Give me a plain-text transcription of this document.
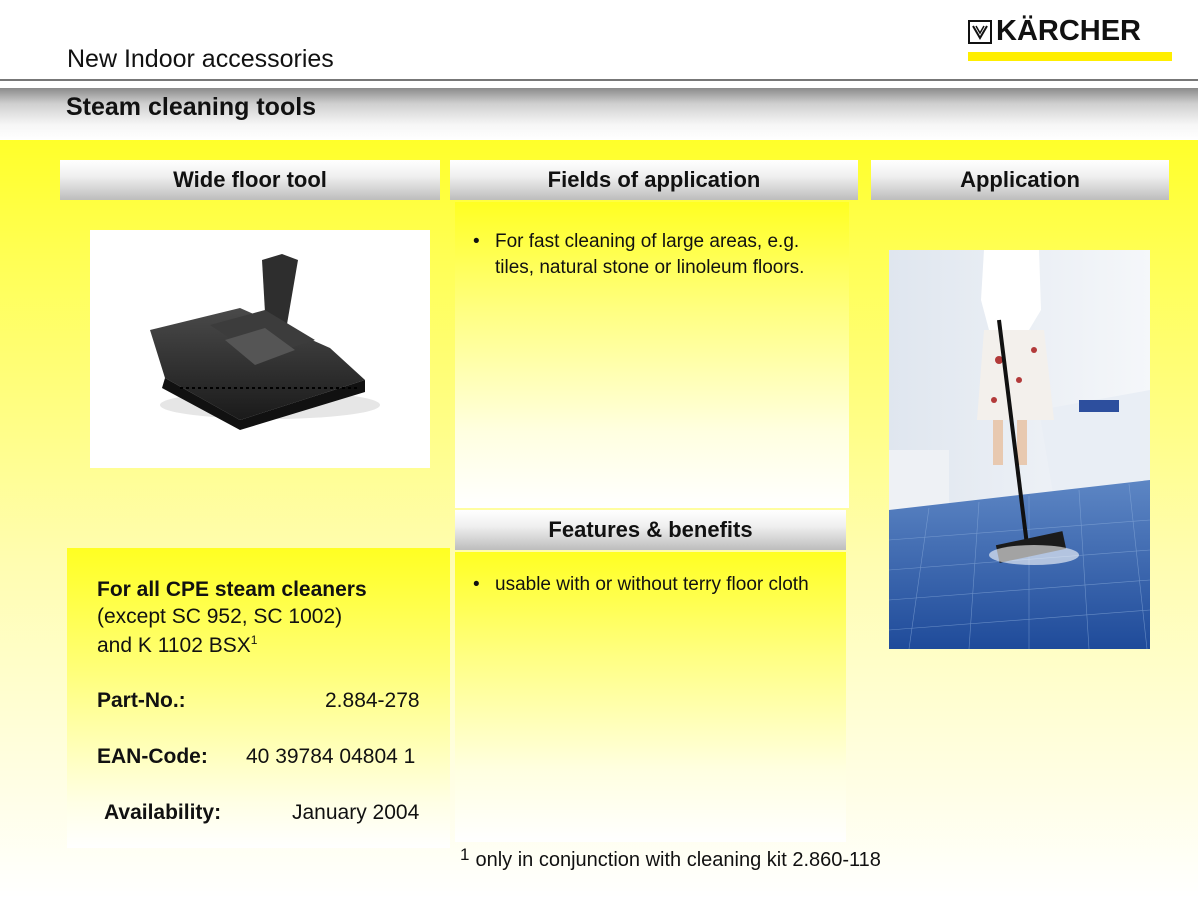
New Indoor accessories
KÄRCHER
Steam cleaning tools
Wide floor tool	Fields of application
• For fast cleaning of large areas, e.g. tiles, natural stone or linoleum floors.
Features & benefits
• usable with or without terry floor cloth
Application
For all CPE steam cleaners
(except SC 952, SC 1002)
and K 1102 BSX$^1$
Part-No.:	2.884-278
EAN-Code: 40 39784 04804 1
Availability:	January 2004
$^1$ only in conjunction with cleaning kit 2.860-118
